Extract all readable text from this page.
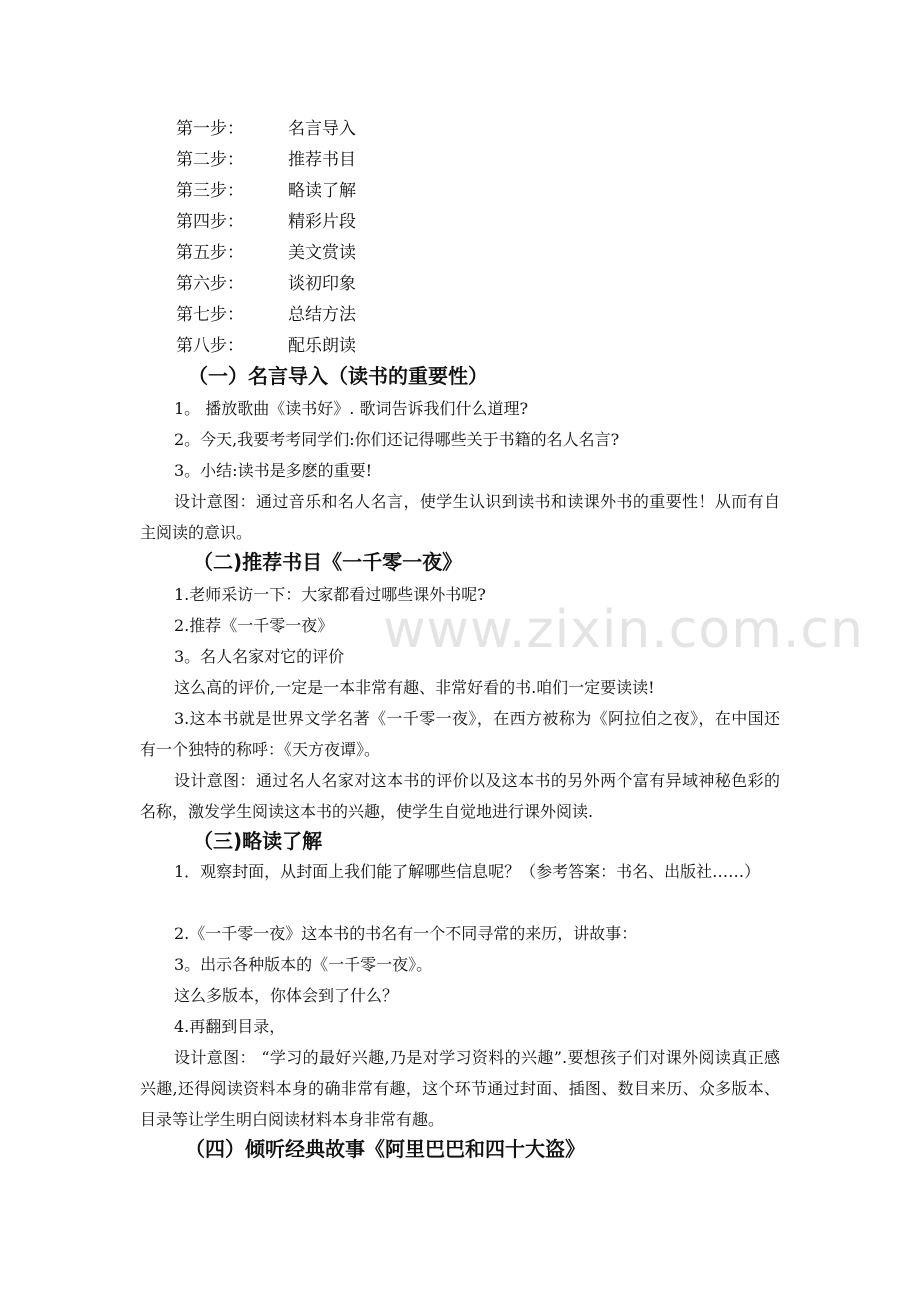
第一步：	名言导入
第二步：	推荐书目
第三步：	略读了解
第四步：	精彩片段
第五步：	美文赏读
第六步：	谈初印象
第七步：	总结方法
第八步：	配乐朗读
（一）名言导入（读书的重要性）

1。 播放歌曲《读书好》. 歌词告诉我们什么道理?

2。今天,我要考考同学们:你们还记得哪些关于书籍的名人名言?

3。小结:读书是多麽的重要!

设计意图：通过音乐和名人名言，使学生认识到读书和读课外书的重要性！从而有自主阅读的意识。

（二)推荐书目《一千零一夜》

1.老师采访一下：大家都看过哪些课外书呢?

2.推荐《一千零一夜》

3。名人名家对它的评价

这么高的评价,一定是一本非常有趣、非常好看的书.咱们一定要读读!

3.这本书就是世界文学名著《一千零一夜》，在西方被称为《阿拉伯之夜》，在中国还有一个独特的称呼：《天方夜谭》。

设计意图：通过名人名家对这本书的评价以及这本书的另外两个富有异域神秘色彩的名称，激发学生阅读这本书的兴趣，使学生自觉地进行课外阅读.

（三)略读了解

1．观察封面，从封面上我们能了解哪些信息呢？（参考答案：书名、出版社……）

2.《一千零一夜》这本书的书名有一个不同寻常的来历，讲故事：

3。出示各种版本的《一千零一夜》。

这么多版本，你体会到了什么？

4.再翻到目录，

设计意图： “学习的最好兴趣,乃是对学习资料的兴趣”.要想孩子们对课外阅读真正感兴趣,还得阅读资料本身的确非常有趣，这个环节通过封面、插图、数目来历、众多版本、目录等让学生明白阅读材料本身非常有趣。

（四）倾听经典故事《阿里巴巴和四十大盗》
www.zixin.com.cn
